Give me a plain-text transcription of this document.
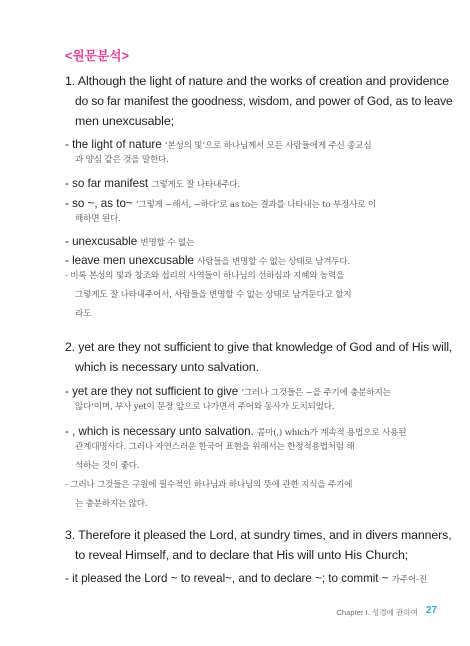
<원문분석>

1. Although the light of nature and the works of creation and providence

do so far manifest the goodness, wisdom, and power of God, as to leave

men unexcusable;

- the light of nature ‘본성의 빛’으로 하나님께서 모든 사람들에게 주신 종교심

과 양심 같은 것을 말한다.

- so far manifest 그렇게도 잘 나타내주다.

- so ~, as to~ ‘그렇게 ~해서, ~하다’로 as to는 결과를 나타내는 to 부정사로 이

해하면 된다.

- unexcusable 변명할 수 없는

- leave men unexcusable 사람들을 변명할 수 없는 상태로 남겨두다.

- 비록 본성의 빛과 창조와 섭리의 사역들이 하나님의 선하심과 지혜와 능력을

그렇게도 잘 나타내주어서, 사람들을 변명할 수 없는 상태로 남겨둔다고 할지

라도

2. yet are they not sufficient to give that knowledge of God and of His will,

which is necessary unto salvation.

- yet are they not sufficient to give ‘그러나 그것들은 ~을 주기에 충분하지는

않다’이며, 부사 yet이 문장 앞으로 나가면서 주어와 동사가 도치되었다.

- , which is necessary unto salvation. 콤마(,) which가 계속적 용법으로 사용된

관계대명사다. 그러나 자연스러운 한국어 표현을 위해서는 한정적용법처럼 해

석하는 것이 좋다.

- 그러나 그것들은 구원에 필수적인 하나님과 하나님의 뜻에 관한 지식을 주기에

는 충분하지는 않다.

3. Therefore it pleased the Lord, at sundry times, and in divers manners,

to reveal Himself, and to declare that His will unto His Church;

- it pleased the Lord ~ to reveal~, and to declare ~; to commit ~ 가주어-진

Chapter I. 성경에 관하여 27
